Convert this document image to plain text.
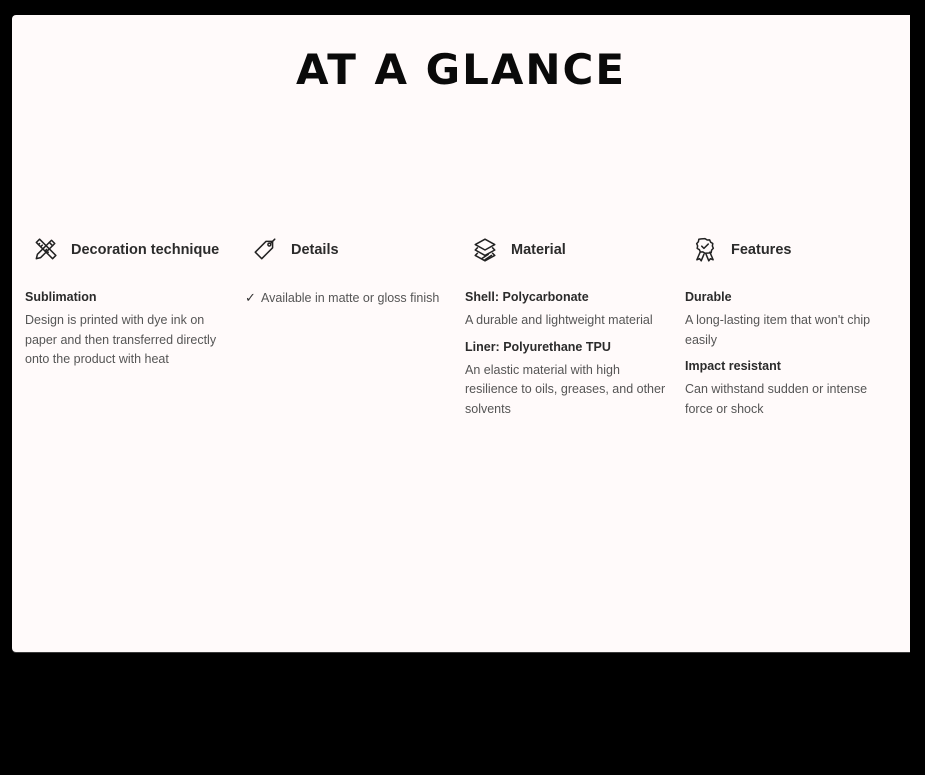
AT A GLANCE
Decoration technique
Sublimation
Design is printed with dye ink on paper and then transferred directly onto the product with heat
Details
✓ Available in matte or gloss finish
Material
Shell: Polycarbonate
A durable and lightweight material
Liner: Polyurethane TPU
An elastic material with high resilience to oils, greases, and other solvents
Features
Durable
A long-lasting item that won't chip easily
Impact resistant
Can withstand sudden or intense force or shock
